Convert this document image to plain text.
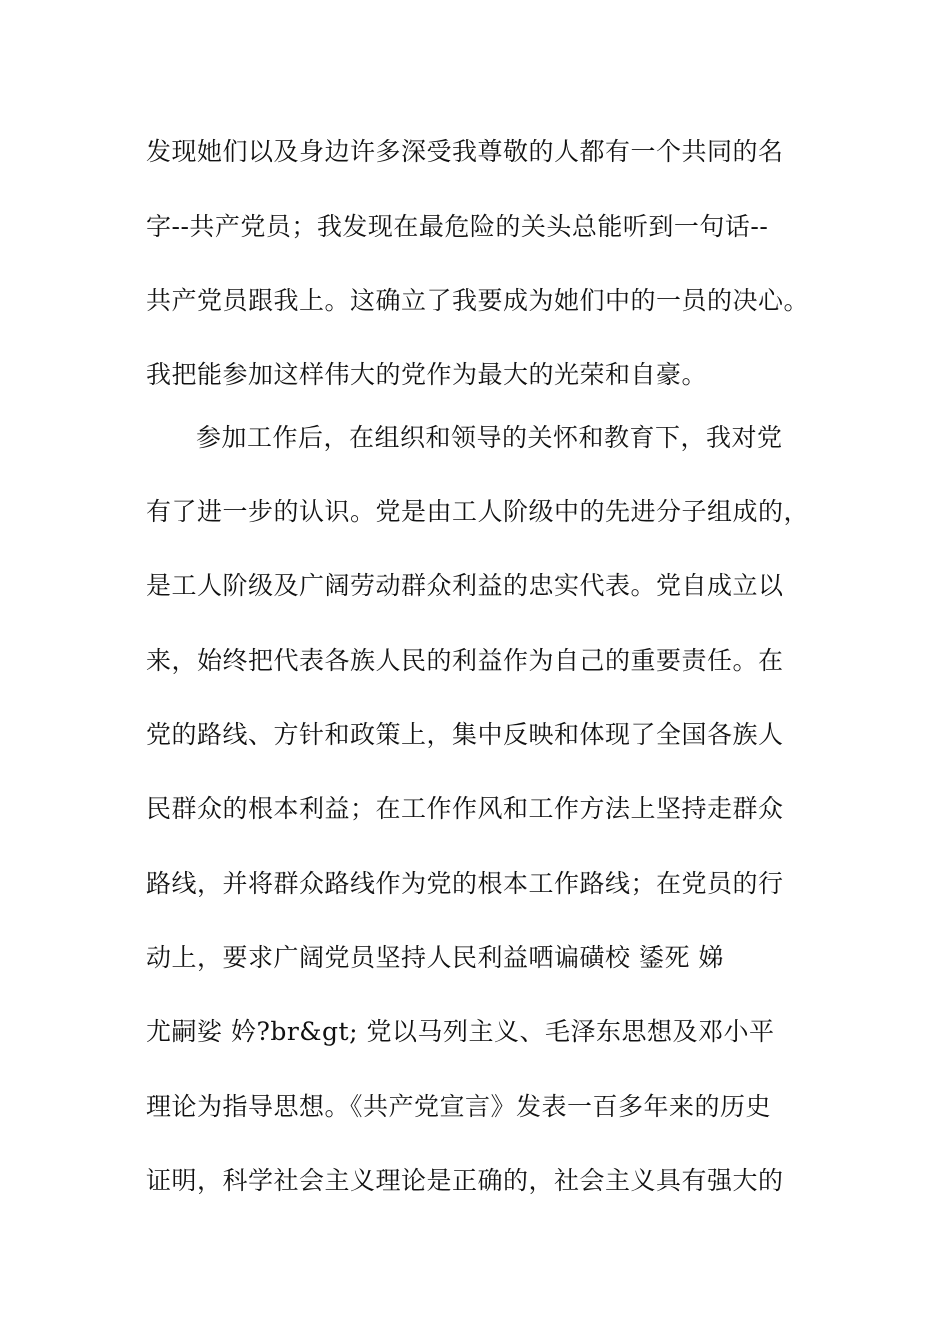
发现她们以及身边许多深受我尊敬的人都有一个共同的名
字--共产党员；我发现在最危险的关头总能听到一句话--
共产党员跟我上。这确立了我要成为她们中的一员的决心。
我把能参加这样伟大的党作为最大的光荣和自豪。
参加工作后，在组织和领导的关怀和教育下，我对党
有了进一步的认识。党是由工人阶级中的先进分子组成的，
是工人阶级及广阔劳动群众利益的忠实代表。党自成立以
来，始终把代表各族人民的利益作为自己的重要责任。在
党的路线、方针和政策上，集中反映和体现了全国各族人
民群众的根本利益；在工作作风和工作方法上坚持走群众
路线，并将群众路线作为党的根本工作路线；在党员的行
动上，要求广阔党员坚持人民利益哂谝磺校 鋈死 娣
尤嗣娑 妗?br&gt; 党以马列主义、毛泽东思想及邓小平
理论为指导思想。《共产党宣言》发表一百多年来的历史
证明，科学社会主义理论是正确的，社会主义具有强大的
